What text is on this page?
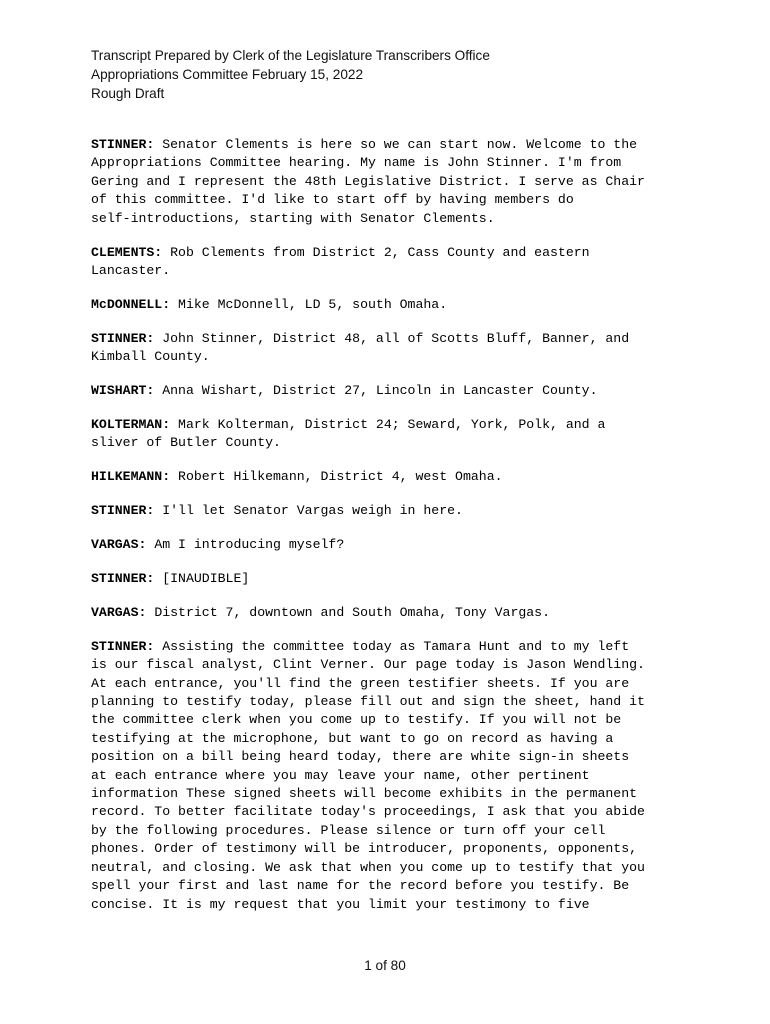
Transcript Prepared by Clerk of the Legislature Transcribers Office
Appropriations Committee February 15, 2022
Rough Draft
STINNER: Senator Clements is here so we can start now. Welcome to the
Appropriations Committee hearing. My name is John Stinner. I'm from
Gering and I represent the 48th Legislative District. I serve as Chair
of this committee. I'd like to start off by having members do
self-introductions, starting with Senator Clements.
CLEMENTS: Rob Clements from District 2, Cass County and eastern
Lancaster.
McDONNELL: Mike McDonnell, LD 5, south Omaha.
STINNER: John Stinner, District 48, all of Scotts Bluff, Banner, and
Kimball County.
WISHART: Anna Wishart, District 27, Lincoln in Lancaster County.
KOLTERMAN: Mark Kolterman, District 24; Seward, York, Polk, and a
sliver of Butler County.
HILKEMANN: Robert Hilkemann, District 4, west Omaha.
STINNER: I'll let Senator Vargas weigh in here.
VARGAS: Am I introducing myself?
STINNER: [INAUDIBLE]
VARGAS: District 7, downtown and South Omaha, Tony Vargas.
STINNER: Assisting the committee today as Tamara Hunt and to my left
is our fiscal analyst, Clint Verner. Our page today is Jason Wendling.
At each entrance, you'll find the green testifier sheets. If you are
planning to testify today, please fill out and sign the sheet, hand it
the committee clerk when you come up to testify. If you will not be
testifying at the microphone, but want to go on record as having a
position on a bill being heard today, there are white sign-in sheets
at each entrance where you may leave your name, other pertinent
information These signed sheets will become exhibits in the permanent
record. To better facilitate today's proceedings, I ask that you abide
by the following procedures. Please silence or turn off your cell
phones. Order of testimony will be introducer, proponents, opponents,
neutral, and closing. We ask that when you come up to testify that you
spell your first and last name for the record before you testify. Be
concise. It is my request that you limit your testimony to five
1 of 80
